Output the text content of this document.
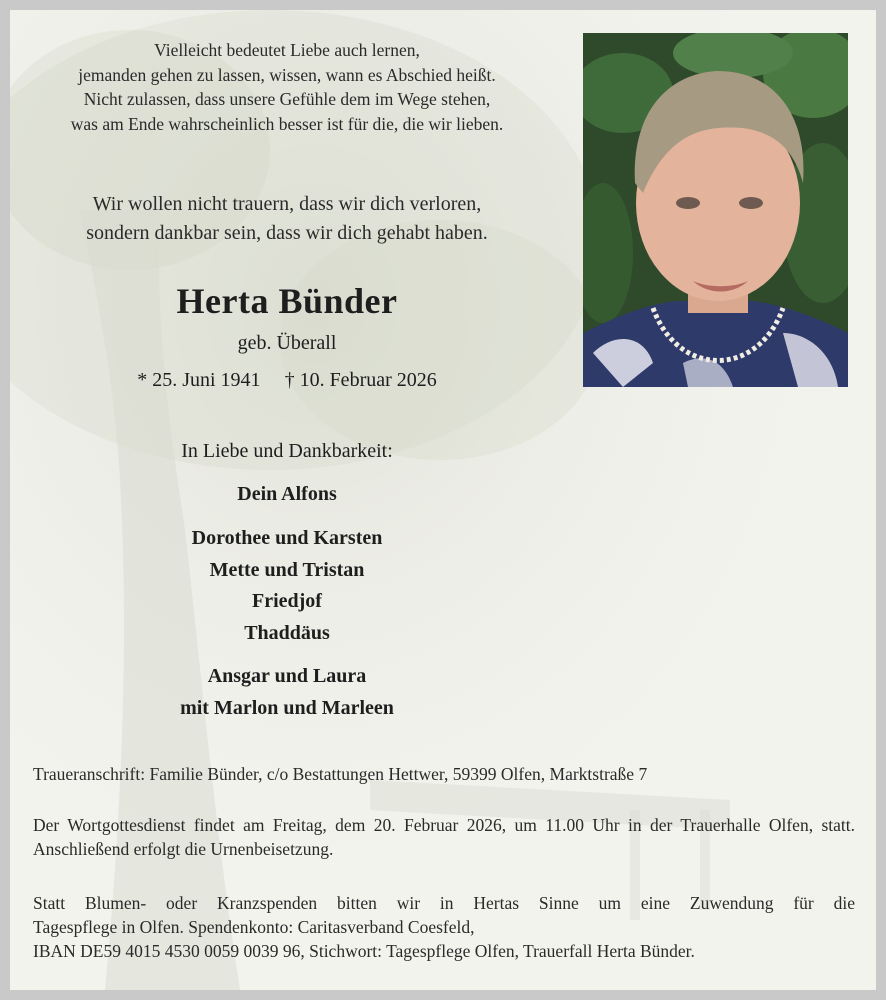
Vielleicht bedeutet Liebe auch lernen,
jemanden gehen zu lassen, wissen, wann es Abschied heißt.
Nicht zulassen, dass unsere Gefühle dem im Wege stehen,
was am Ende wahrscheinlich besser ist für die, die wir lieben.
Wir wollen nicht trauern, dass wir dich verloren,
sondern dankbar sein, dass wir dich gehabt haben.
Herta Bünder
geb. Überall
* 25. Juni 1941 † 10. Februar 2026
In Liebe und Dankbarkeit:
Dein Alfons
Dorothee und Karsten
Mette und Tristan
Friedjof
Thaddäus
Ansgar und Laura
mit Marlon und Marleen
Traueranschrift: Familie Bünder, c/o Bestattungen Hettwer, 59399 Olfen, Marktstraße 7
Der Wortgottesdienst findet am Freitag, dem 20. Februar 2026, um 11.00 Uhr in der Trauerhalle Olfen, statt. Anschließend erfolgt die Urnenbeisetzung.
Statt Blumen- oder Kranzspenden bitten wir in Hertas Sinne um eine Zuwendung für die
Tagespflege in Olfen. Spendenkonto: Caritasverband Coesfeld,
IBAN DE59 4015 4530 0059 0039 96, Stichwort: Tagespflege Olfen, Trauerfall Herta Bünder.
